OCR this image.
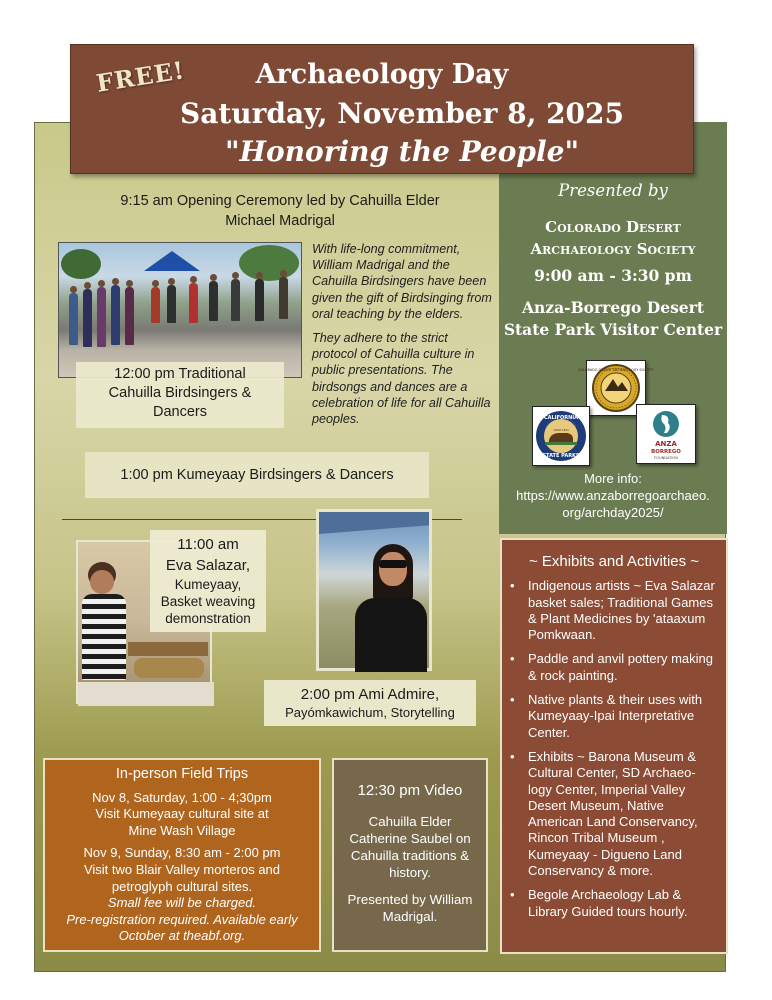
Archaeology Day
Saturday, November 8, 2025
"Honoring the People"
FREE!
Presented by
Colorado Desert
Archaeology Society
9:00 am - 3:30 pm
Anza-Borrego Desert
State Park Visitor Center
COLORADO DESERT ARCHAEOLOGY SOCIETY
CALIFORNIA
SINCE 1864
STATE PARKS
ANZA
BORREGO
FOUNDATION
More info:
https://www.anzaborregoarchaeo.
org/archday2025/
9:15 am Opening Ceremony led by Cahuilla Elder
Michael Madrigal
12:00 pm Traditional
Cahuilla Birdsingers &
Dancers

With life-long commitment, William Madrigal and the Cahuilla Birdsingers have been given the gift of Birdsinging from oral teaching by the elders.

They adhere to the strict protocol of Cahuilla culture in public presentations. The birdsongs and dances are a celebration of life for all Cahuilla peoples.

1:00 pm Kumeyaay Birdsingers & Dancers
11:00 am
Eva Salazar,
Kumeyaay,
Basket weaving
demonstration
2:00 pm Ami Admire,
Payómkawichum, Storytelling
In-person Field Trips
Nov 8, Saturday, 1:00 - 4;30pm
Visit Kumeyaay cultural site at
Mine Wash Village
Nov 9, Sunday, 8:30 am - 2:00 pm
Visit two Blair Valley morteros and
petroglyph cultural sites.
Small fee will be charged.
Pre-registration required. Available early
October at theabf.org.
12:30 pm Video
Cahuilla Elder
Catherine Saubel on
Cahuilla traditions &
history.
Presented by William
Madrigal.
~ Exhibits and Activities ~
• Indigenous artists ~ Eva Salazar basket sales; Traditional Games & Plant Medicines by 'ataaxum Pomkwaan.
• Paddle and anvil pottery making & rock painting.
• Native plants & their uses with Kumeyaay-Ipai Interpretative Center.
• Exhibits ~ Barona Museum & Cultural Center, SD Archaeo-logy Center, Imperial Valley Desert Museum, Native American Land Conservancy, Rincon Tribal Museum , Kumeyaay - Digueno Land Conservancy & more.
• Begole Archaeology Lab & Library Guided tours hourly.
